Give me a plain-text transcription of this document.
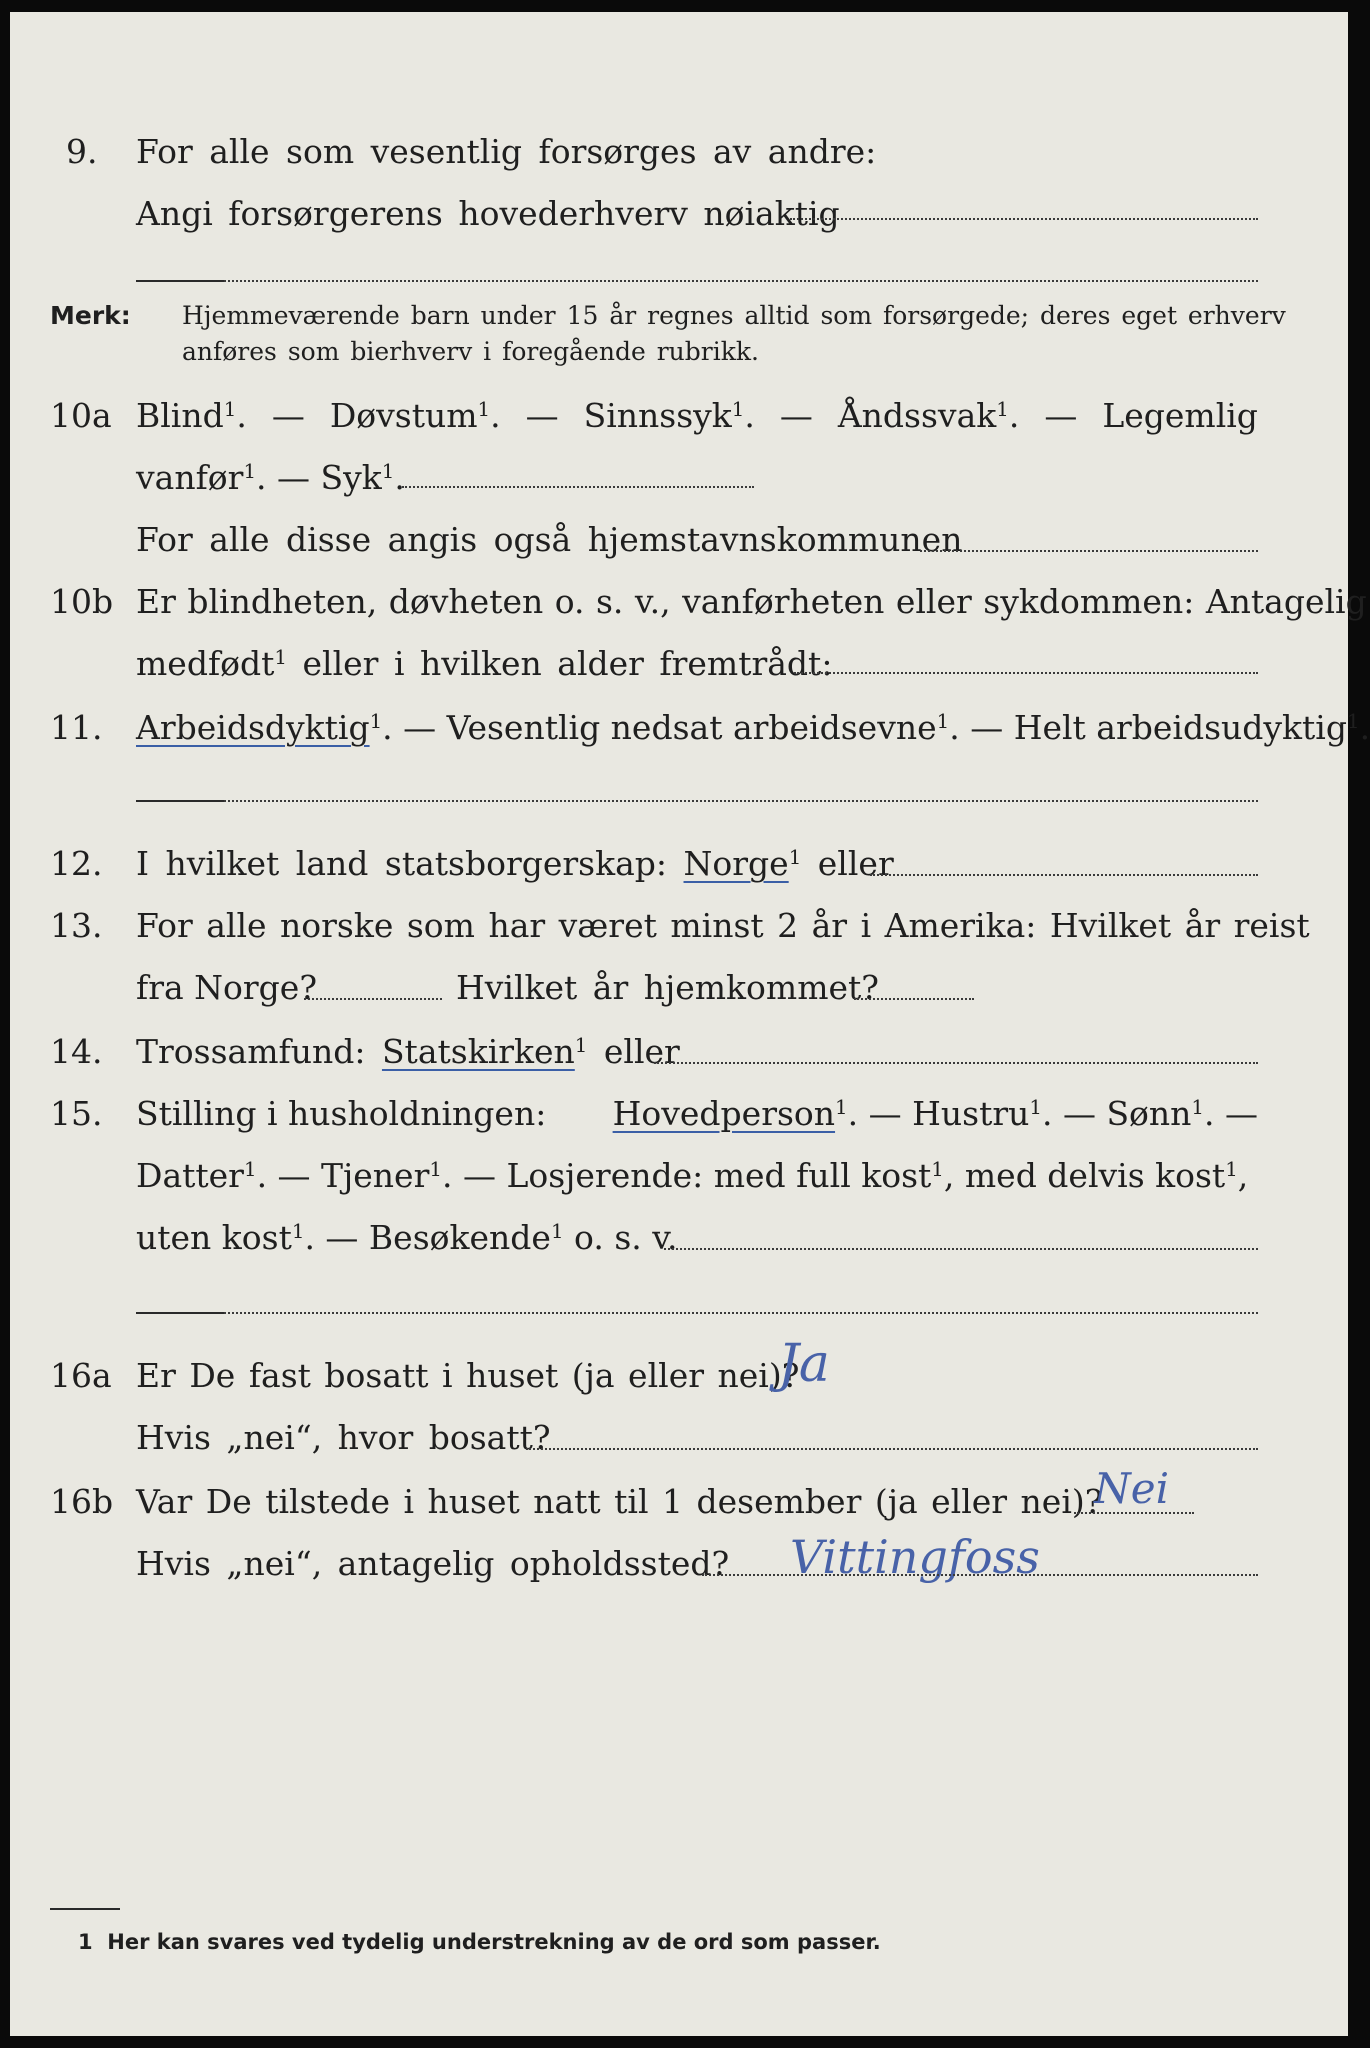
9. For alle som vesentlig forsørges av andre:
Angi forsørgerens hovederhverv nøiaktig
Merk: Hjemmeværende barn under 15 år regnes alltid som forsørgede; deres eget erhverv
anføres som bierhverv i foregående rubrikk.
10a Blind$^1$. — Døvstum$^1$. — Sinnssyk$^1$. — Åndssvak$^1$. — Legemlig
vanfør$^1$. — Syk$^1$.
For alle disse angis også hjemstavnskommunen
10b Er blindheten, døvheten o. s. v., vanførheten eller sykdommen: Antagelig
medfødt$^1$ eller i hvilken alder fremtrådt:
11. Arbeidsdyktig$^1$. — Vesentlig nedsat arbeidsevne$^1$. — Helt arbeidsudyktig$^1$.
12. I hvilket land statsborgerskap: Norge$^1$ eller
13. For alle norske som har været minst 2 år i Amerika: Hvilket år reist
fra Norge?	Hvilket år hjemkommet?
14. Trossamfund: Statskirken$^1$ eller
15. Stilling i husholdningen: Hovedperson$^1$. — Hustru$^1$. — Sønn$^1$. —
Datter$^1$. — Tjener$^1$. — Losjerende: med full kost$^1$, med delvis kost$^1$,
uten kost$^1$. — Besøkende$^1$ o. s. v.
16a Er De fast bosatt i huset (ja eller nei)?
Ja
Hvis „nei“, hvor bosatt?
16b Var De tilstede i huset natt til 1 desember (ja eller nei)?
Nei
Hvis „nei“, antagelig opholdssted? Vittingfoss
1 Her kan svares ved tydelig understrekning av de ord som passer.
